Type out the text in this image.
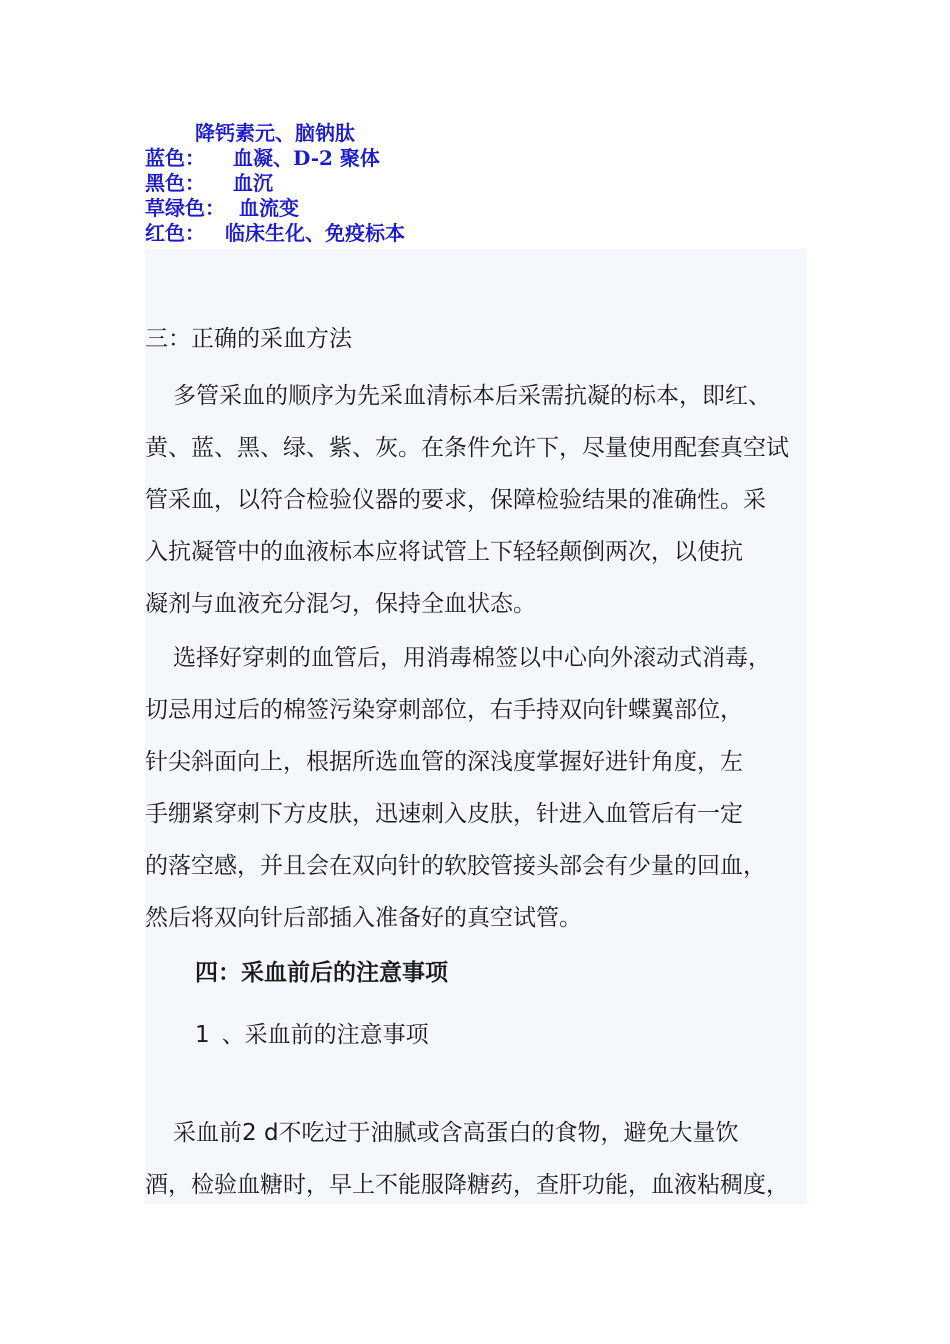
降钙素元、脑钠肽
蓝色： 血凝、D-2 聚体
黑色： 血沉
草绿色： 血流变
红色： 临床生化、免疫标本
三：正确的采血方法
多管采血的顺序为先采血清标本后采需抗凝的标本，即红、
黄、蓝、黑、绿、紫、灰。在条件允许下，尽量使用配套真空试
管采血，以符合检验仪器的要求，保障检验结果的准确性。采
入抗凝管中的血液标本应将试管上下轻轻颠倒两次，以使抗
凝剂与血液充分混匀，保持全血状态。
选择好穿刺的血管后，用消毒棉签以中心向外滚动式消毒，
切忌用过后的棉签污染穿刺部位，右手持双向针蝶翼部位，
针尖斜面向上，根据所选血管的深浅度掌握好进针角度，左
手绷紧穿刺下方皮肤，迅速刺入皮肤，针进入血管后有一定
的落空感，并且会在双向针的软胶管接头部会有少量的回血，
然后将双向针后部插入准备好的真空试管。
四：采血前后的注意事项
1 、采血前的注意事项
采血前2 d不吃过于油腻或含高蛋白的食物，避免大量饮
酒，检验血糖时，早上不能服降糖药，查肝功能，血液粘稠度，
